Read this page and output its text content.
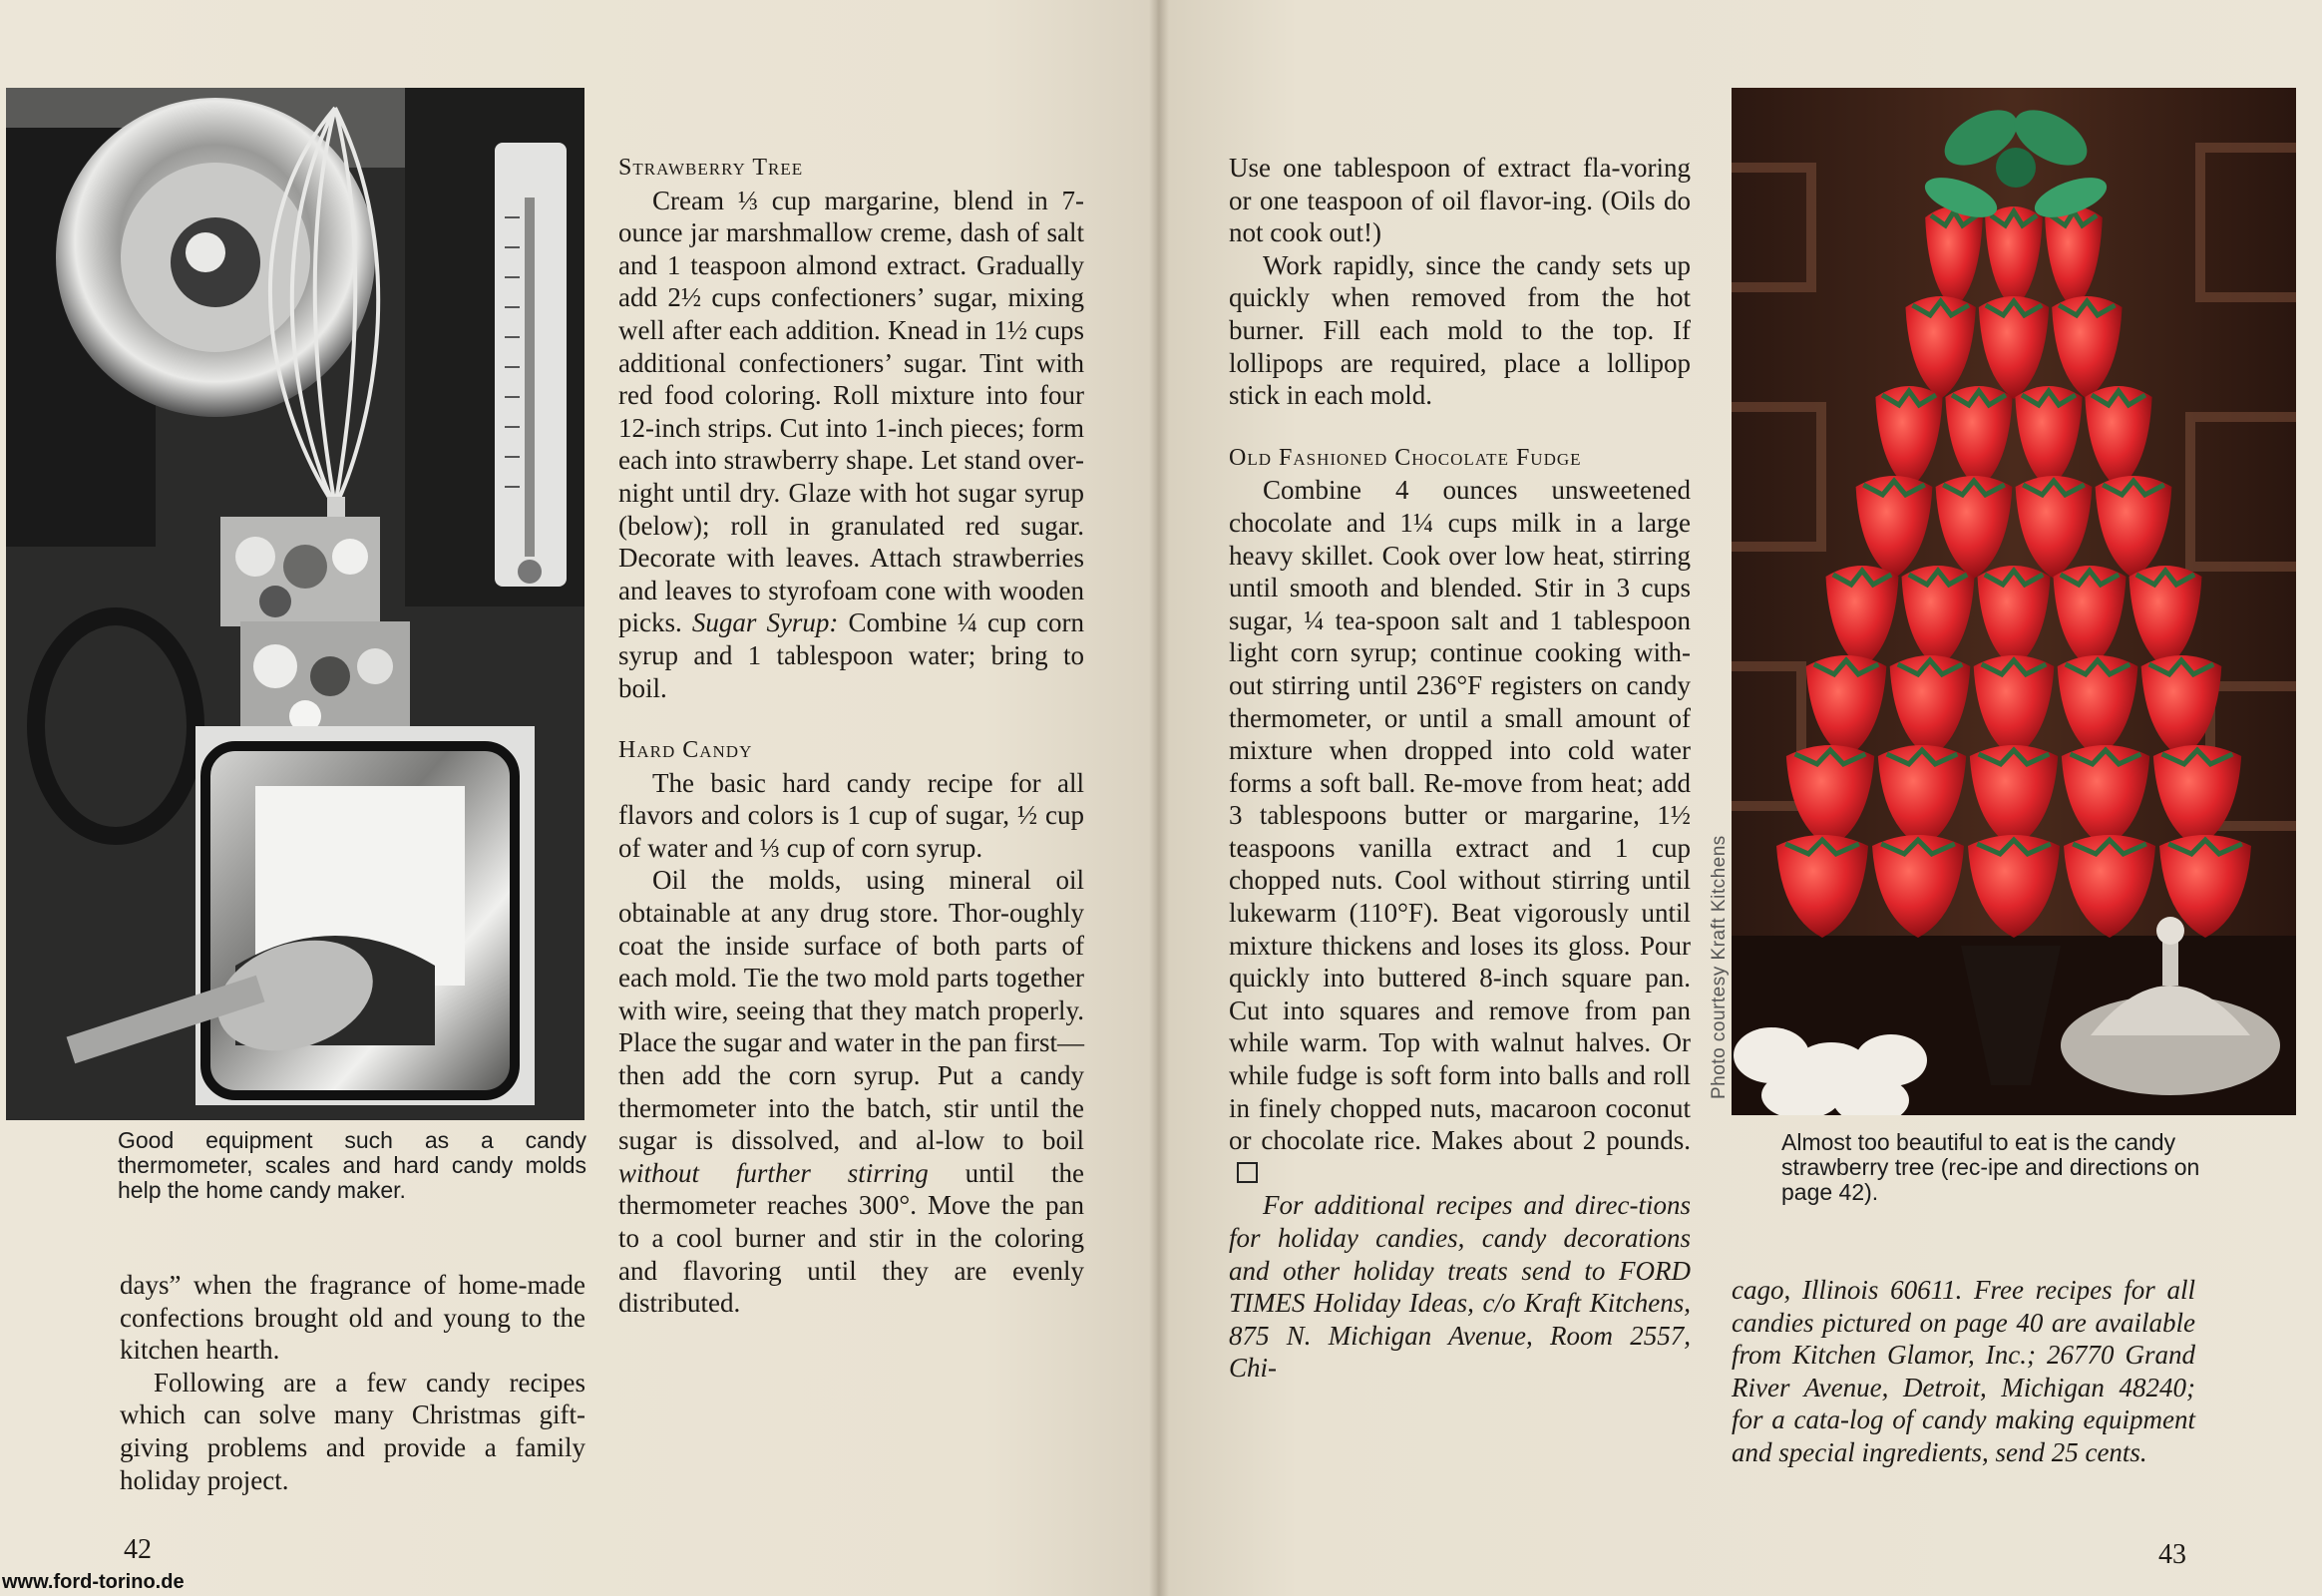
Good equipment such as a candy thermometer, scales and hard candy molds help the home candy maker.

days” when the fragrance of home-made confections brought old and young to the kitchen hearth.

Following are a few candy recipes which can solve many Christmas gift-giving problems and provide a family holiday project.

Strawberry Tree

Cream ⅓ cup margarine, blend in 7-ounce jar marshmallow creme, dash of salt and 1 teaspoon almond extract. Gradually add 2½ cups confectioners’ sugar, mixing well after each addition. Knead in 1½ cups additional confectioners’ sugar. Tint with red food coloring. Roll mixture into four 12-inch strips. Cut into 1-inch pieces; form each into strawberry shape. Let stand over-night until dry. Glaze with hot sugar syrup (below); roll in granulated red sugar. Decorate with leaves. Attach strawberries and leaves to styrofoam cone with wooden picks. Sugar Syrup: Combine ¼ cup corn syrup and 1 tablespoon water; bring to boil.

Hard Candy

The basic hard candy recipe for all flavors and colors is 1 cup of sugar, ½ cup of water and ⅓ cup of corn syrup.

Oil the molds, using mineral oil obtainable at any drug store. Thor-oughly coat the inside surface of both parts of each mold. Tie the two mold parts together with wire, seeing that they match properly. Place the sugar and water in the pan first—then add the corn syrup. Put a candy thermometer into the batch, stir until the sugar is dissolved, and al-low to boil without further stirring until the thermometer reaches 300°. Move the pan to a cool burner and stir in the coloring and flavoring until they are evenly distributed.

42
www.ford-torino.de

Use one tablespoon of extract fla-voring or one teaspoon of oil flavor-ing. (Oils do not cook out!)

Work rapidly, since the candy sets up quickly when removed from the hot burner. Fill each mold to the top. If lollipops are required, place a lollipop stick in each mold.

Old Fashioned Chocolate Fudge

Combine 4 ounces unsweetened chocolate and 1¼ cups milk in a large heavy skillet. Cook over low heat, stirring until smooth and blended. Stir in 3 cups sugar, ¼ tea-spoon salt and 1 tablespoon light corn syrup; continue cooking with-out stirring until 236°F registers on candy thermometer, or until a small amount of mixture when dropped into cold water forms a soft ball. Re-move from heat; add 3 tablespoons butter or margarine, 1½ teaspoons vanilla extract and 1 cup chopped nuts. Cool without stirring until lukewarm (110°F). Beat vigorously until mixture thickens and loses its gloss. Pour quickly into buttered 8-inch square pan. Cut into squares and remove from pan while warm. Top with walnut halves. Or while fudge is soft form into balls and roll in finely chopped nuts, macaroon coconut or chocolate rice. Makes about 2 pounds.

For additional recipes and direc-tions for holiday candies, candy decorations and other holiday treats send to FORD TIMES Holiday Ideas, c/o Kraft Kitchens, 875 N. Michigan Avenue, Room 2557, Chi-

Photo courtesy Kraft Kitchens
Almost too beautiful to eat is the candy strawberry tree (rec-ipe and directions on page 42).

cago, Illinois 60611. Free recipes for all candies pictured on page 40 are available from Kitchen Glamor, Inc.; 26770 Grand River Avenue, Detroit, Michigan 48240; for a cata-log of candy making equipment and special ingredients, send 25 cents.

43
